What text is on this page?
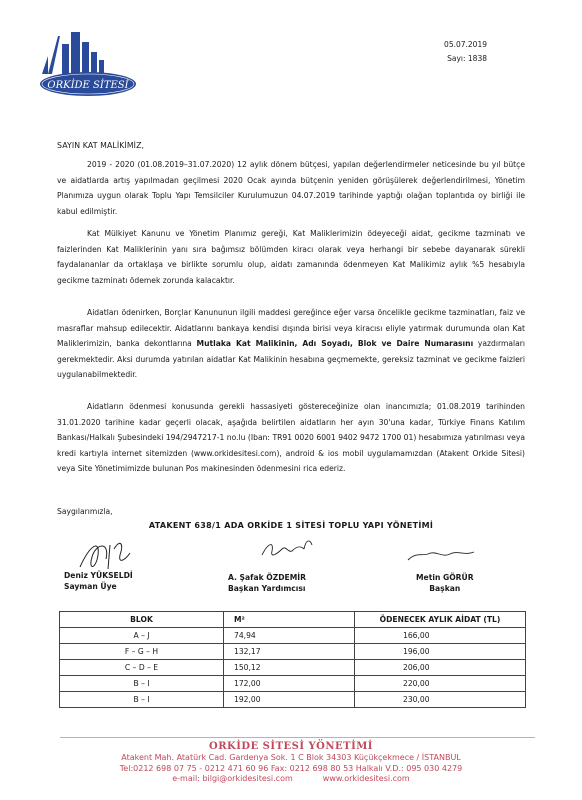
ORKİDE SİTESİ
05.07.2019
Sayı: 1838
SAYIN KAT MALİKİMİZ,

2019 - 2020 (01.08.2019–31.07.2020) 12 aylık dönem bütçesi, yapılan değerlendirmeler neticesinde bu yıl bütçe ve aidatlarda artış yapılmadan geçilmesi 2020 Ocak ayında bütçenin yeniden görüşülerek değerlendirilmesi, Yönetim Planımıza uygun olarak Toplu Yapı Temsilciler Kurulumuzun 04.07.2019 tarihinde yaptığı olağan toplantıda oy birliği ile kabul edilmiştir.

Kat Mülkiyet Kanunu ve Yönetim Planımız gereği, Kat Maliklerimizin ödeyeceği aidat, gecikme tazminatı ve faizlerinden Kat Maliklerinin yanı sıra bağımsız bölümden kiracı olarak veya herhangi bir sebebe dayanarak sürekli faydalananlar da ortaklaşa ve birlikte sorumlu olup, aidatı zamanında ödenmeyen Kat Malikimiz aylık %5 hesabıyla gecikme tazminatı ödemek zorunda kalacaktır.

Aidatları ödenirken, Borçlar Kanununun ilgili maddesi gereğince eğer varsa öncelikle gecikme tazminatları, faiz ve masraflar mahsup edilecektir. Aidatlarını bankaya kendisi dışında birisi veya kiracısı eliyle yatırmak durumunda olan Kat Maliklerimizin, banka dekontlarına Mutlaka Kat Malikinin, Adı Soyadı, Blok ve Daire Numarasını yazdırmaları gerekmektedir. Aksi durumda yatırılan aidatlar Kat Malikinin hesabına geçmemekte, gereksiz tazminat ve gecikme faizleri uygulanabilmektedir.

Aidatların ödenmesi konusunda gerekli hassasiyeti göstereceğinize olan inancımızla; 01.08.2019 tarihinden 31.01.2020 tarihine kadar geçerli olacak, aşağıda belirtilen aidatların her ayın 30'una kadar, Türkiye Finans Katılım Bankası/Halkalı Şubesindeki 194/2947217-1 no.lu (Iban: TR91 0020 6001 9402 9472 1700 01) hesabımıza yatırılması veya kredi kartıyla internet sitemizden (www.orkidesitesi.com), android & ios mobil uygulamamızdan (Atakent Orkide Sitesi) veya Site Yönetimimizde bulunan Pos makinesinden ödenmesini rica ederiz.

Saygılarımızla,
ATAKENT 638/1 ADA ORKİDE 1 SİTESİ TOPLU YAPI YÖNETİMİ
Deniz YÜKSELDİ
Sayman Üye
A. Şafak ÖZDEMİR
Başkan Yardımcısı
Metin GÖRÜR
Başkan
BLOK	M²	ÖDENECEK AYLIK AİDAT (TL)
A – J	74,94	166,00
F – G – H	132,17	196,00
C – D – E	150,12	206,00
B – I	172,00	220,00
B – I	192,00	230,00
ORKİDE SİTESİ YÖNETİMİ
Atakent Mah. Atatürk Cad. Gardenya Sok. 1 C Blok 34303 Küçükçekmece / İSTANBUL
Tel:0212 698 07 75 - 0212 471 60 96 Fax: 0212 698 80 53 Halkalı V.D.: 095 030 4279
e-mail: bilgi@orkidesitesi.com	www.orkidesitesi.com
